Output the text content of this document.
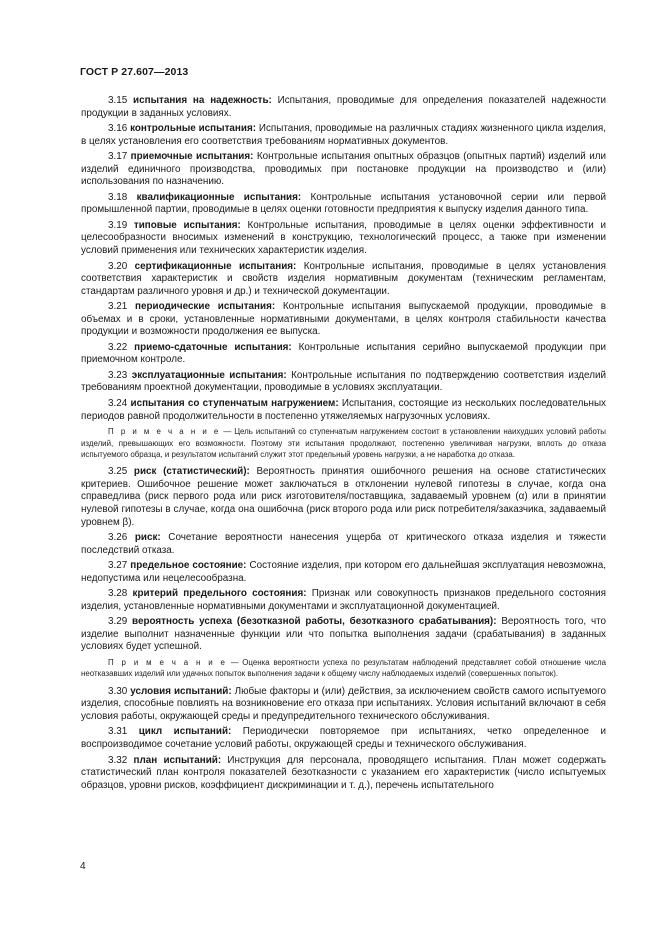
ГОСТ Р 27.607—2013

3.15 испытания на надежность: Испытания, проводимые для определения показателей надежности продукции в заданных условиях.

3.16 контрольные испытания: Испытания, проводимые на различных стадиях жизненного цикла изделия, в целях установления его соответствия требованиям нормативных документов.

3.17 приемочные испытания: Контрольные испытания опытных образцов (опытных партий) изделий или изделий единичного производства, проводимых при постановке продукции на производство и (или) использования по назначению.

3.18 квалификационные испытания: Контрольные испытания установочной серии или первой промышленной партии, проводимые в целях оценки готовности предприятия к выпуску изделия данного типа.

3.19 типовые испытания: Контрольные испытания, проводимые в целях оценки эффективности и целесообразности вносимых изменений в конструкцию, технологический процесс, а также при изменении условий применения или технических характеристик изделия.

3.20 сертификационные испытания: Контрольные испытания, проводимые в целях установления соответствия характеристик и свойств изделия нормативным документам (техническим регламентам, стандартам различного уровня и др.) и технической документации.

3.21 периодические испытания: Контрольные испытания выпускаемой продукции, проводимые в объемах и в сроки, установленные нормативными документами, в целях контроля стабильности качества продукции и возможности продолжения ее выпуска.

3.22 приемо-сдаточные испытания: Контрольные испытания серийно выпускаемой продукции при приемочном контроле.

3.23 эксплуатационные испытания: Контрольные испытания по подтверждению соответствия изделий требованиям проектной документации, проводимые в условиях эксплуатации.

3.24 испытания со ступенчатым нагружением: Испытания, состоящие из нескольких последовательных периодов равной продолжительности в постепенно утяжеляемых нагрузочных условиях.

П р и м е ч а н и е — Цель испытаний со ступенчатым нагружением состоит в установлении наихудших условий работы изделий, превышающих его возможности. Поэтому эти испытания продолжают, постепенно увеличивая нагрузки, вплоть до отказа испытуемого образца, и результатом испытаний служит этот предельный уровень нагрузки, а не наработка до отказа.

3.25 риск (статистический): Вероятность принятия ошибочного решения на основе статистических критериев. Ошибочное решение может заключаться в отклонении нулевой гипотезы в случае, когда она справедлива (риск первого рода или риск изготовителя/поставщика, задаваемый уровнем (α) или в принятии нулевой гипотезы в случае, когда она ошибочна (риск второго рода или риск потребителя/заказчика, задаваемый уровнем β).

3.26 риск: Сочетание вероятности нанесения ущерба от критического отказа изделия и тяжести последствий отказа.

3.27 предельное состояние: Состояние изделия, при котором его дальнейшая эксплуатация невозможна, недопустима или нецелесообразна.

3.28 критерий предельного состояния: Признак или совокупность признаков предельного состояния изделия, установленные нормативными документами и эксплуатационной документацией.

3.29 вероятность успеха (безотказной работы, безотказного срабатывания): Вероятность того, что изделие выполнит назначенные функции или что попытка выполнения задачи (срабатывания) в заданных условиях будет успешной.

П р и м е ч а н и е — Оценка вероятности успеха по результатам наблюдений представляет собой отношение числа неотказавших изделий или удачных попыток выполнения задачи к общему числу наблюдаемых изделий (совершенных попыток).

3.30 условия испытаний: Любые факторы и (или) действия, за исключением свойств самого испытуемого изделия, способные повлиять на возникновение его отказа при испытаниях. Условия испытаний включают в себя условия работы, окружающей среды и предупредительного технического обслуживания.

3.31 цикл испытаний: Периодически повторяемое при испытаниях, четко определенное и воспроизводимое сочетание условий работы, окружающей среды и технического обслуживания.

3.32 план испытаний: Инструкция для персонала, проводящего испытания. План может содержать статистический план контроля показателей безотказности с указанием его характеристик (число испытуемых образцов, уровни рисков, коэффициент дискриминации и т. д.), перечень испытательного

4
